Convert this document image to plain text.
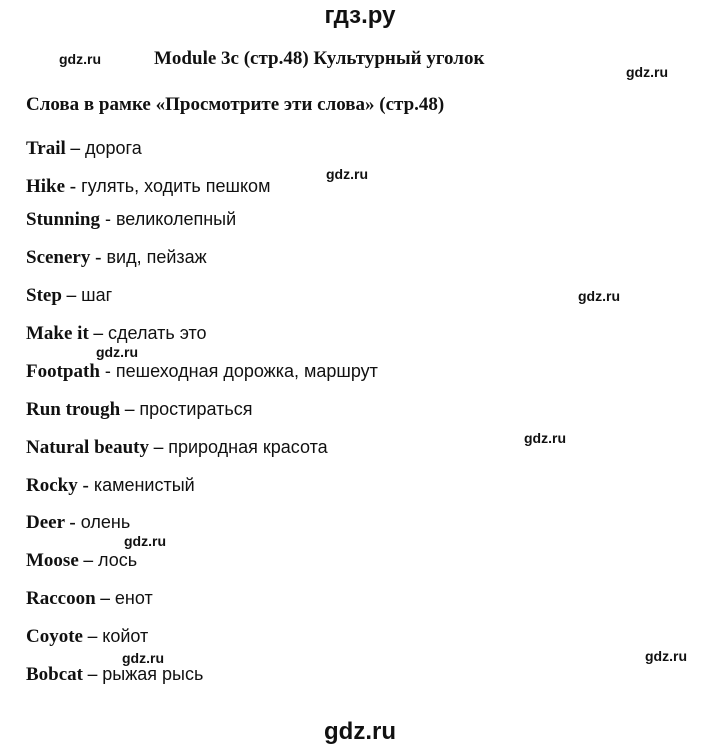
гдз.ру
gdz.ru
gdz.ru
gdz.ru
gdz.ru
gdz.ru
gdz.ru
gdz.ru
gdz.ru	gdz.ru
Module 3c (стр.48) Культурный уголок
Слова в рамке «Просмотрите эти слова» (стр.48)
Trail – дорога
Hike - гулять, ходить пешком
Stunning - великолепный
Scenery - вид, пейзаж
Step – шаг
Make it – сделать это
Footpath - пешеходная дорожка, маршрут
Run trough – простираться
Natural beauty – природная красота
Rocky - каменистый
Deer - олень
Moose – лось
Raccoon – енот
Coyote – койот
Bobcat – рыжая рысь
gdz.ru
